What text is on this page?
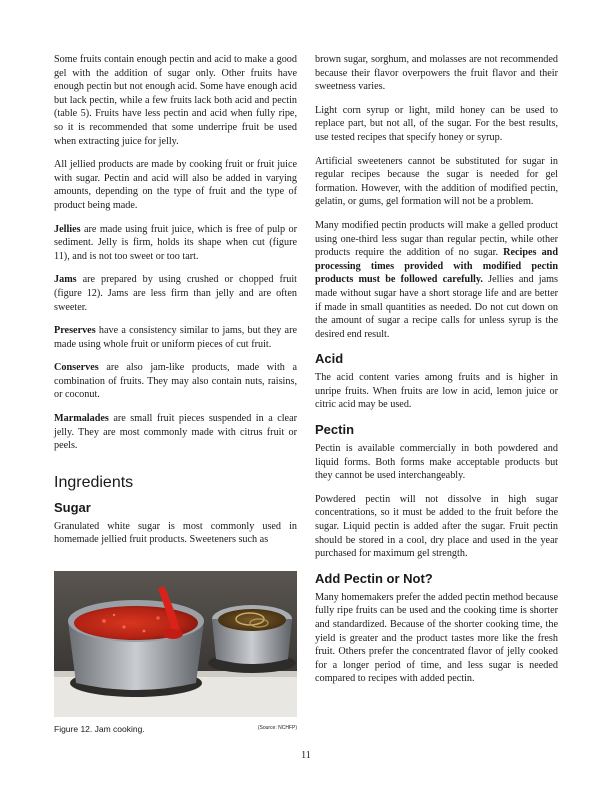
Some fruits contain enough pectin and acid to make a good gel with the addition of sugar only. Other fruits have enough pectin but not enough acid. Some have enough acid but lack pectin, while a few fruits lack both acid and pectin (table 5). Fruits have less pectin and acid when fully ripe, so it is recommended that some underripe fruit be used when extracting juice for jelly.

All jellied products are made by cooking fruit or fruit juice with sugar. Pectin and acid will also be added in varying amounts, depending on the type of fruit and the type of product being made.

Jellies are made using fruit juice, which is free of pulp or sediment. Jelly is firm, holds its shape when cut (figure 11), and is not too sweet or too tart.

Jams are prepared by using crushed or chopped fruit (figure 12). Jams are less firm than jelly and are often sweeter.

Preserves have a consistency similar to jams, but they are made using whole fruit or uniform pieces of cut fruit.

Conserves are also jam-like products, made with a combination of fruits. They may also contain nuts, raisins, or coconut.

Marmalades are small fruit pieces suspended in a clear jelly. They are most commonly made with citrus fruit or peels.

Ingredients
Sugar

Granulated white sugar is most commonly used in homemade jellied fruit products. Sweeteners such as

Figure 12. Jam cooking.	(Source: NCHFP)

brown sugar, sorghum, and molasses are not recommended because their flavor overpowers the fruit flavor and their sweetness varies.

Light corn syrup or light, mild honey can be used to replace part, but not all, of the sugar. For the best results, use tested recipes that specify honey or syrup.

Artificial sweeteners cannot be substituted for sugar in regular recipes because the sugar is needed for gel formation. However, with the addition of modified pectin, gelatin, or gums, gel formation will not be a problem.

Many modified pectin products will make a gelled product using one-third less sugar than regular pectin, while other products require the addition of no sugar. Recipes and processing times provided with modified pectin products must be followed carefully. Jellies and jams made without sugar have a short storage life and are better if made in small quantities as needed. Do not cut down on the amount of sugar a recipe calls for unless syrup is the desired end result.

Acid

The acid content varies among fruits and is higher in unripe fruits. When fruits are low in acid, lemon juice or citric acid may be used.

Pectin

Pectin is available commercially in both powdered and liquid forms. Both forms make acceptable products but they cannot be used interchangeably.

Powdered pectin will not dissolve in high sugar concentrations, so it must be added to the fruit before the sugar. Liquid pectin is added after the sugar. Fruit pectin should be stored in a cool, dry place and used in the year purchased for maximum gel strength.

Add Pectin or Not?

Many homemakers prefer the added pectin method because fully ripe fruits can be used and the cooking time is shorter and standardized. Because of the shorter cooking time, the yield is greater and the product tastes more like the fresh fruit. Others prefer the concentrated flavor of jelly cooked for a longer period of time, and less sugar is needed compared to recipes with added pectin.

11
